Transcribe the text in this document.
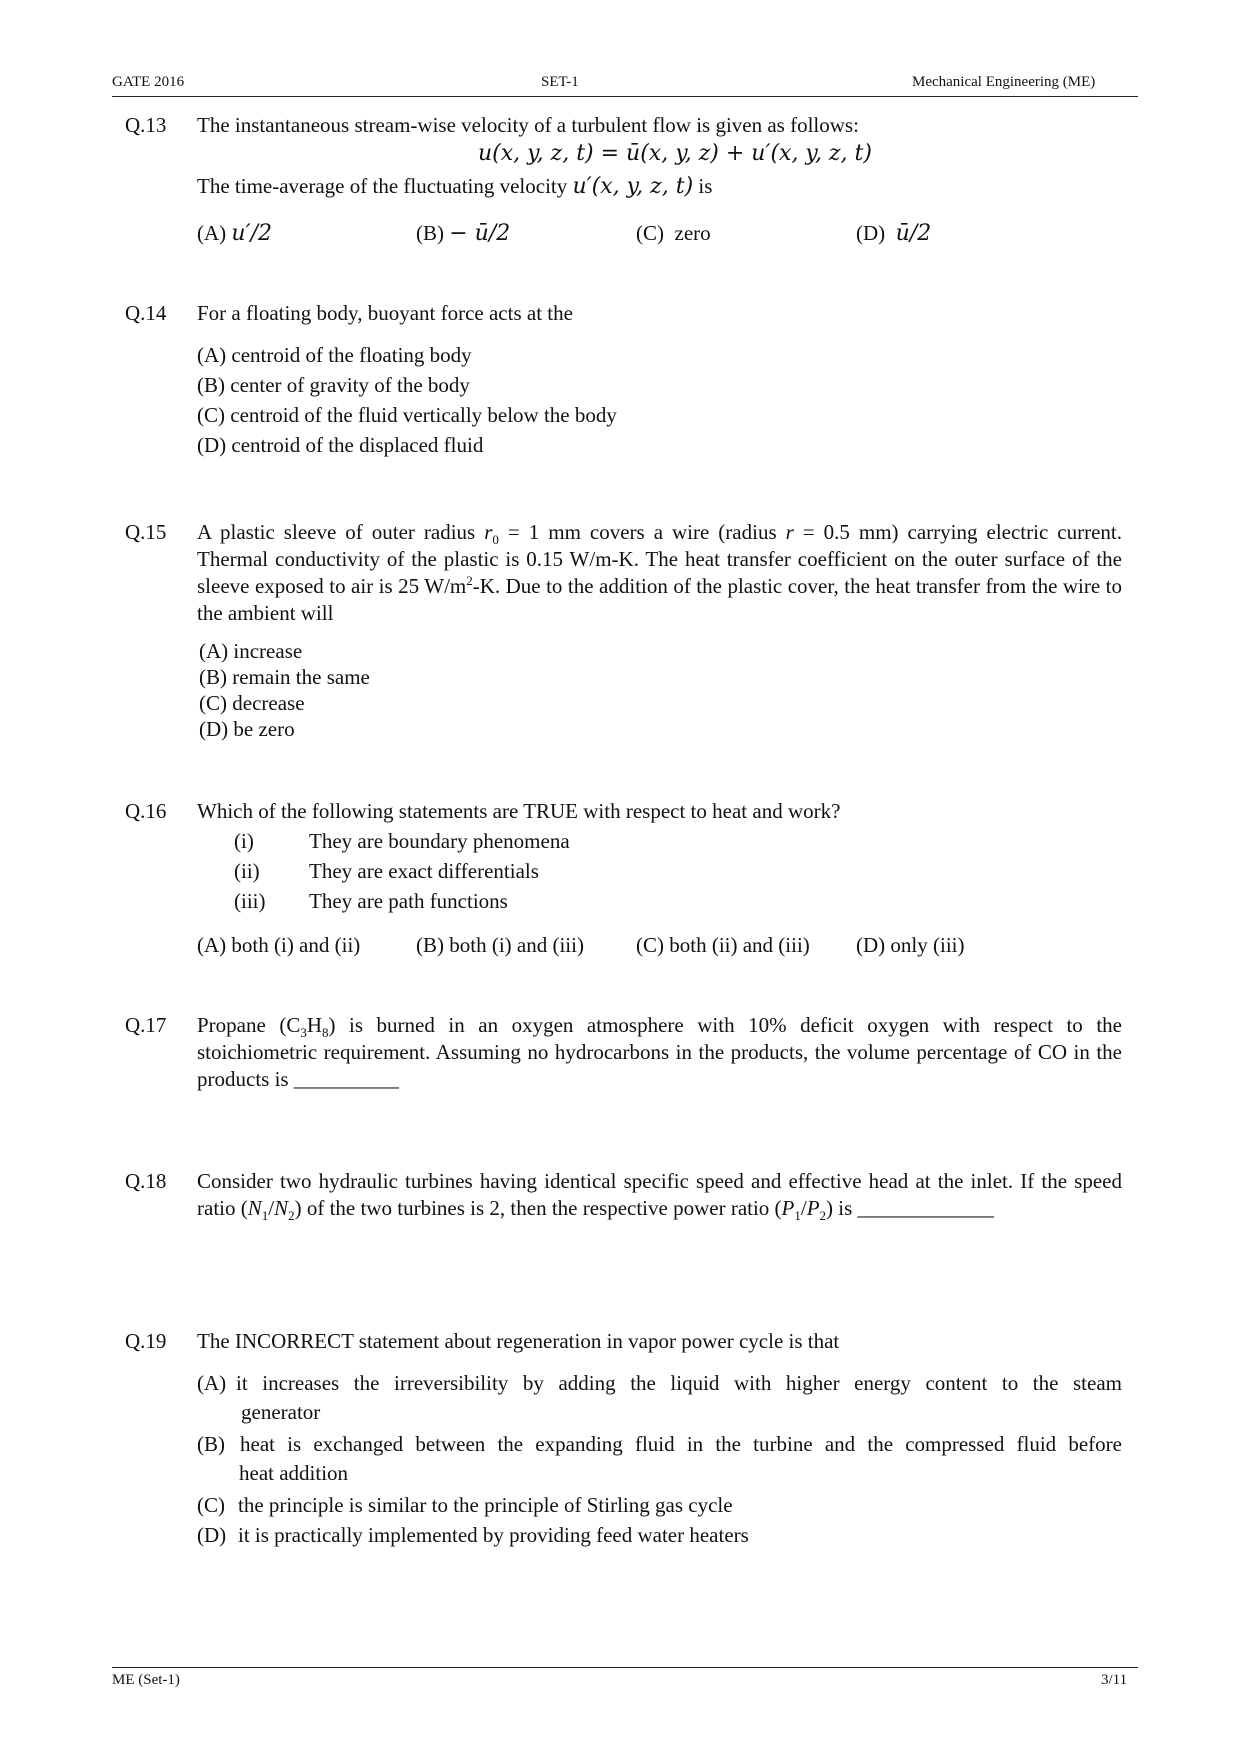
GATE 2016	SET-1	Mechanical Engineering (ME)
Q.13 The instantaneous stream-wise velocity of a turbulent flow is given as follows:
u(x, y, z, t) = ū(x, y, z) + u′(x, y, z, t)
The time-average of the fluctuating velocity u′(x, y, z, t) is
(A) u′/2	(B) − ū/2	(C) zero	(D) ū/2
Q.14 For a floating body, buoyant force acts at the
(A) centroid of the floating body
(B) center of gravity of the body
(C) centroid of the fluid vertically below the body
(D) centroid of the displaced fluid
Q.15 A plastic sleeve of outer radius $r_0 = 1$ mm covers a wire (radius r = 0.5 mm) carrying electric current. Thermal conductivity of the plastic is 0.15 W/m-K. The heat transfer coefficient on the outer surface of the sleeve exposed to air is 25 $W/m^2-K$. Due to the addition of the plastic cover, the heat transfer from the wire to the ambient will
(A) increase
(B) remain the same
(C) decrease
(D) be zero
Q.16 Which of the following statements are TRUE with respect to heat and work?
(i)	They are boundary phenomena
(ii) They are exact differentials
(iii) They are path functions
(A) both (i) and (ii)	(B) both (i) and (iii) (C) both (ii) and (iii) (D) only (iii)
Q.17 Propane $(C_3H_8)$ is burned in an oxygen atmosphere with 10% deficit oxygen with respect to the stoichiometric requirement. Assuming no hydrocarbons in the products, the volume percentage of CO in the products is __________
Q.18 Consider two hydraulic turbines having identical specific speed and effective head at the inlet. If the speed ratio $(N_1/N_2)$ of the two turbines is 2, then the respective power ratio $(P_1/P_2)$ is _____________
Q.19 The INCORRECT statement about regeneration in vapor power cycle is that
(A) it increases the irreversibility by adding the liquid with higher energy content to the steam
generator
(B) heat is exchanged between the expanding fluid in the turbine and the compressed fluid before
heat addition
(C) the principle is similar to the principle of Stirling gas cycle
(D) it is practically implemented by providing feed water heaters
ME (Set-1)	3/11
